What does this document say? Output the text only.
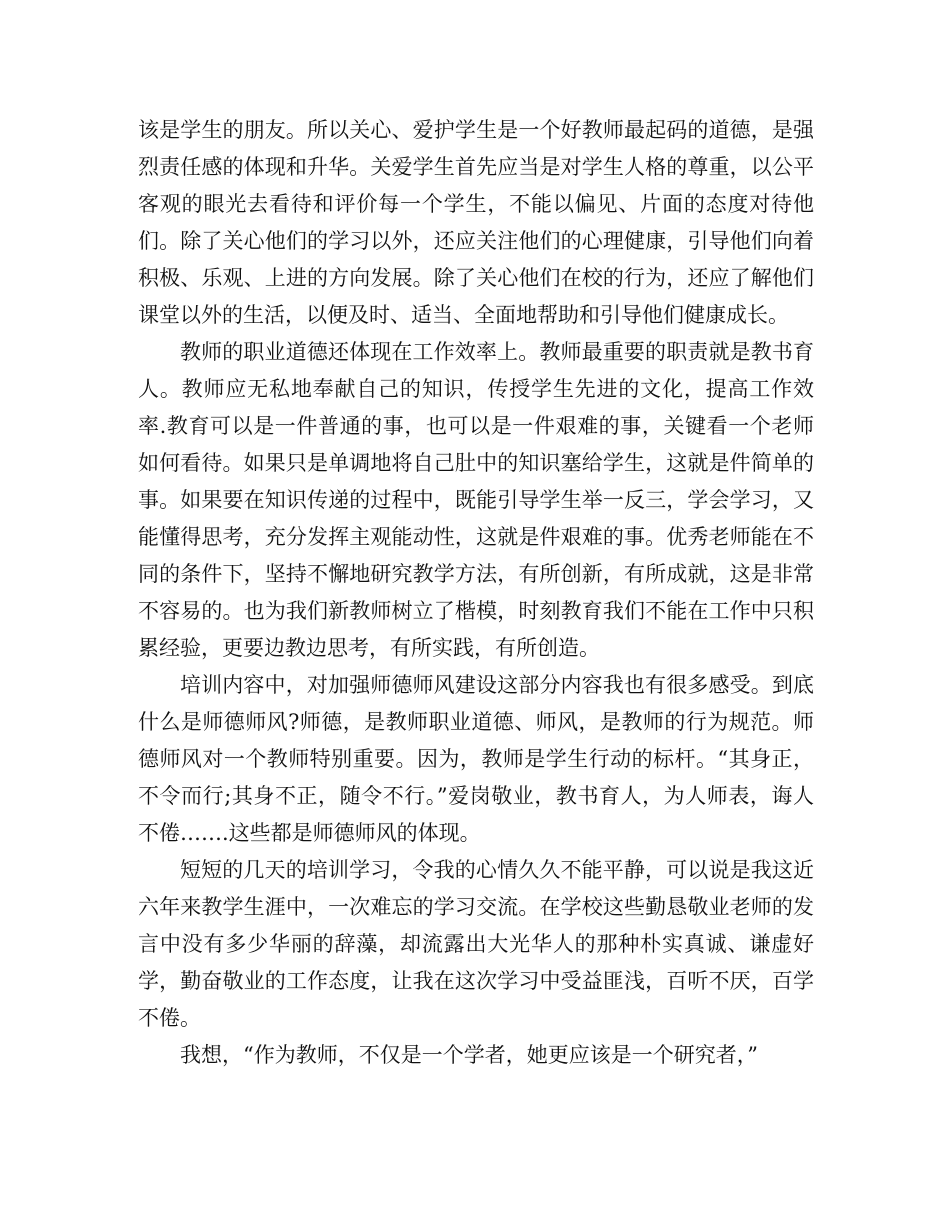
该是学生的朋友。所以关心、爱护学生是一个好教师最起码的道德，是强烈责任感的体现和升华。关爱学生首先应当是对学生人格的尊重，以公平客观的眼光去看待和评价每一个学生，不能以偏见、片面的态度对待他们。除了关心他们的学习以外，还应关注他们的心理健康，引导他们向着积极、乐观、上进的方向发展。除了关心他们在校的行为，还应了解他们课堂以外的生活，以便及时、适当、全面地帮助和引导他们健康成长。

教师的职业道德还体现在工作效率上。教师最重要的职责就是教书育人。教师应无私地奉献自己的知识，传授学生先进的文化，提高工作效率.教育可以是一件普通的事，也可以是一件艰难的事，关键看一个老师如何看待。如果只是单调地将自己肚中的知识塞给学生，这就是件简单的事。如果要在知识传递的过程中，既能引导学生举一反三，学会学习，又能懂得思考，充分发挥主观能动性，这就是件艰难的事。优秀老师能在不同的条件下，坚持不懈地研究教学方法，有所创新，有所成就，这是非常不容易的。也为我们新教师树立了楷模，时刻教育我们不能在工作中只积累经验，更要边教边思考，有所实践，有所创造。

培训内容中，对加强师德师风建设这部分内容我也有很多感受。到底什么是师德师风?师德，是教师职业道德、师风，是教师的行为规范。师德师风对一个教师特别重要。因为，教师是学生行动的标杆。“其身正，不令而行;其身不正，随令不行。”爱岗敬业，教书育人，为人师表，诲人不倦…….这些都是师德师风的体现。

短短的几天的培训学习，令我的心情久久不能平静，可以说是我这近六年来教学生涯中，一次难忘的学习交流。在学校这些勤恳敬业老师的发言中没有多少华丽的辞藻，却流露出大光华人的那种朴实真诚、谦虚好学，勤奋敬业的工作态度，让我在这次学习中受益匪浅，百听不厌，百学不倦。

我想，“作为教师，不仅是一个学者，她更应该是一个研究者，”
